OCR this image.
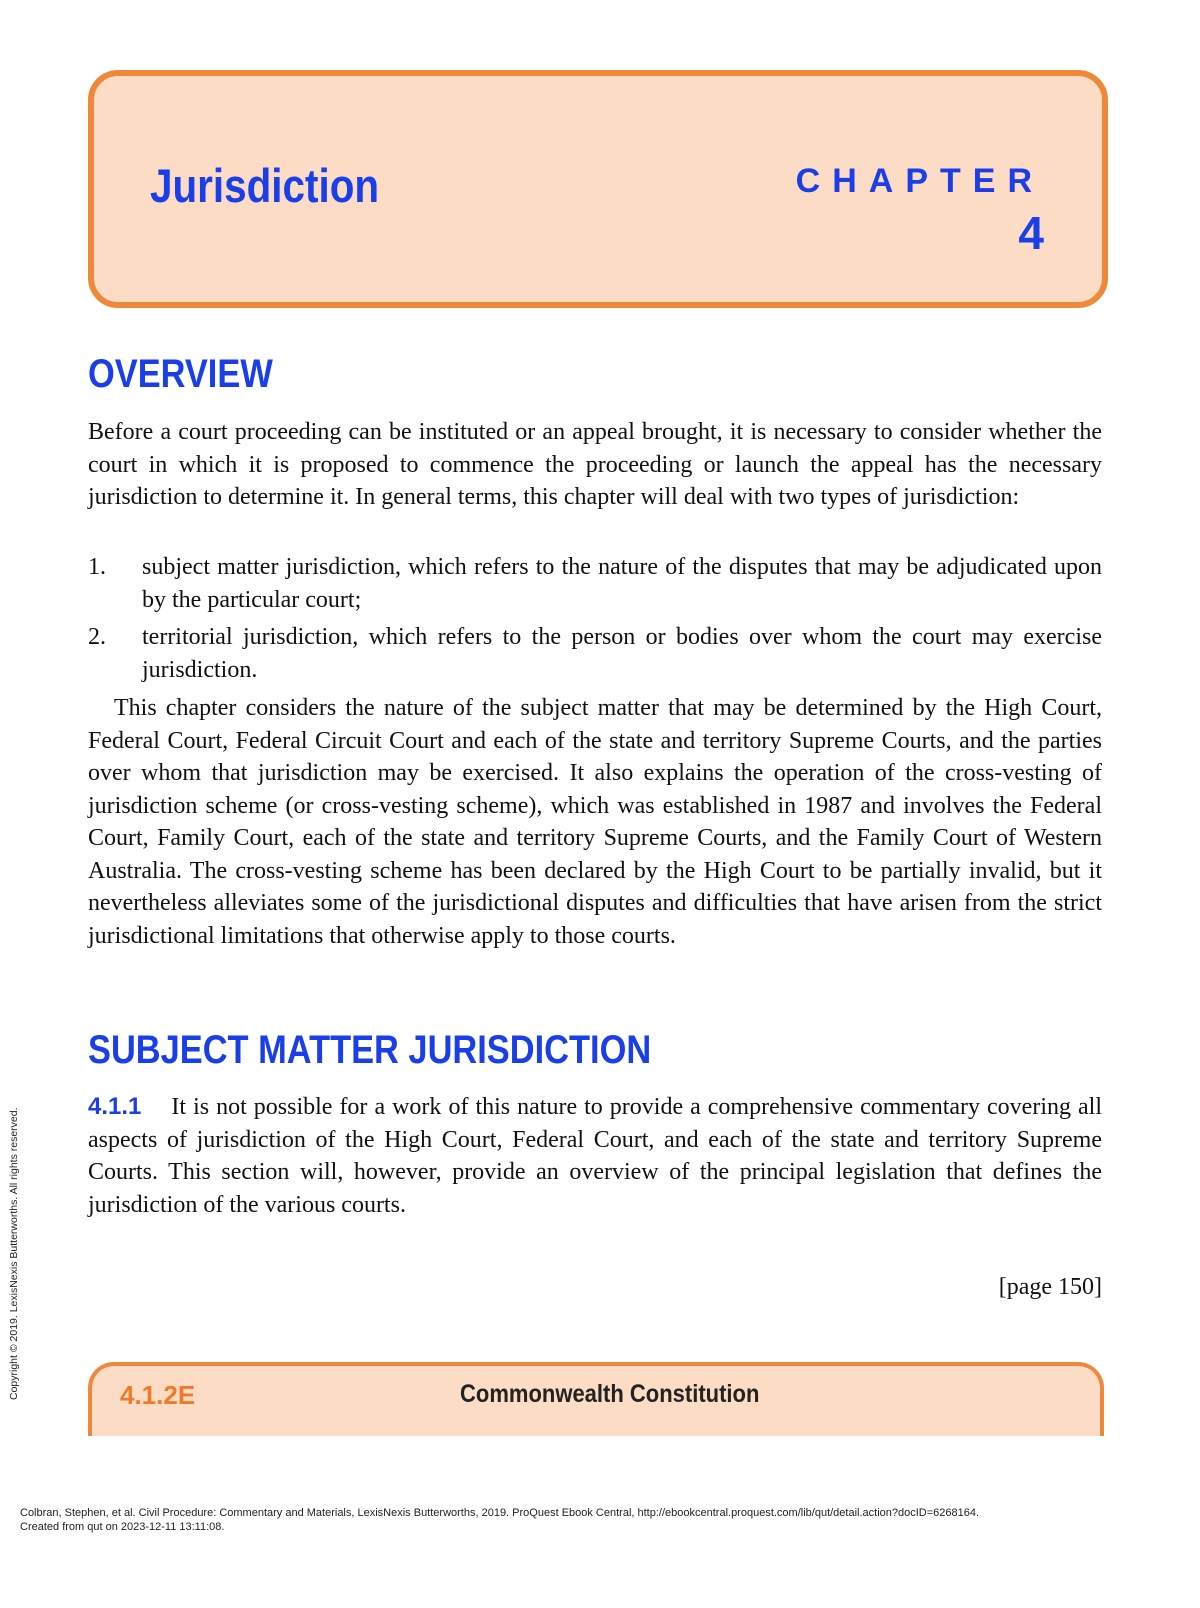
Jurisdiction	CHAPTER
4
OVERVIEW
Before a court proceeding can be instituted or an appeal brought, it is necessary to consider whether the court in which it is proposed to commence the proceeding or launch the appeal has the necessary jurisdiction to determine it. In general terms, this chapter will deal with two types of jurisdiction:
1. subject matter jurisdiction, which refers to the nature of the disputes that may be adjudicated upon by the particular court;
2. territorial jurisdiction, which refers to the person or bodies over whom the court may exercise jurisdiction.
This chapter considers the nature of the subject matter that may be determined by the High Court, Federal Court, Federal Circuit Court and each of the state and territory Supreme Courts, and the parties over whom that jurisdiction may be exercised. It also explains the operation of the cross-vesting of jurisdiction scheme (or cross-vesting scheme), which was established in 1987 and involves the Federal Court, Family Court, each of the state and territory Supreme Courts, and the Family Court of Western Australia. The cross-vesting scheme has been declared by the High Court to be partially invalid, but it nevertheless alleviates some of the jurisdictional disputes and difficulties that have arisen from the strict jurisdictional limitations that otherwise apply to those courts.
SUBJECT MATTER JURISDICTION
4.1.1 It is not possible for a work of this nature to provide a comprehensive commentary covering all aspects of jurisdiction of the High Court, Federal Court, and each of the state and territory Supreme Courts. This section will, however, provide an overview of the principal legislation that defines the jurisdiction of the various courts.
[page 150]
4.1.2E	Commonwealth Constitution
Copyright © 2019. LexisNexis Butterworths. All rights reserved.
Colbran, Stephen, et al. Civil Procedure: Commentary and Materials, LexisNexis Butterworths, 2019. ProQuest Ebook Central, http://ebookcentral.proquest.com/lib/qut/detail.action?docID=6268164.
Created from qut on 2023-12-11 13:11:08.
